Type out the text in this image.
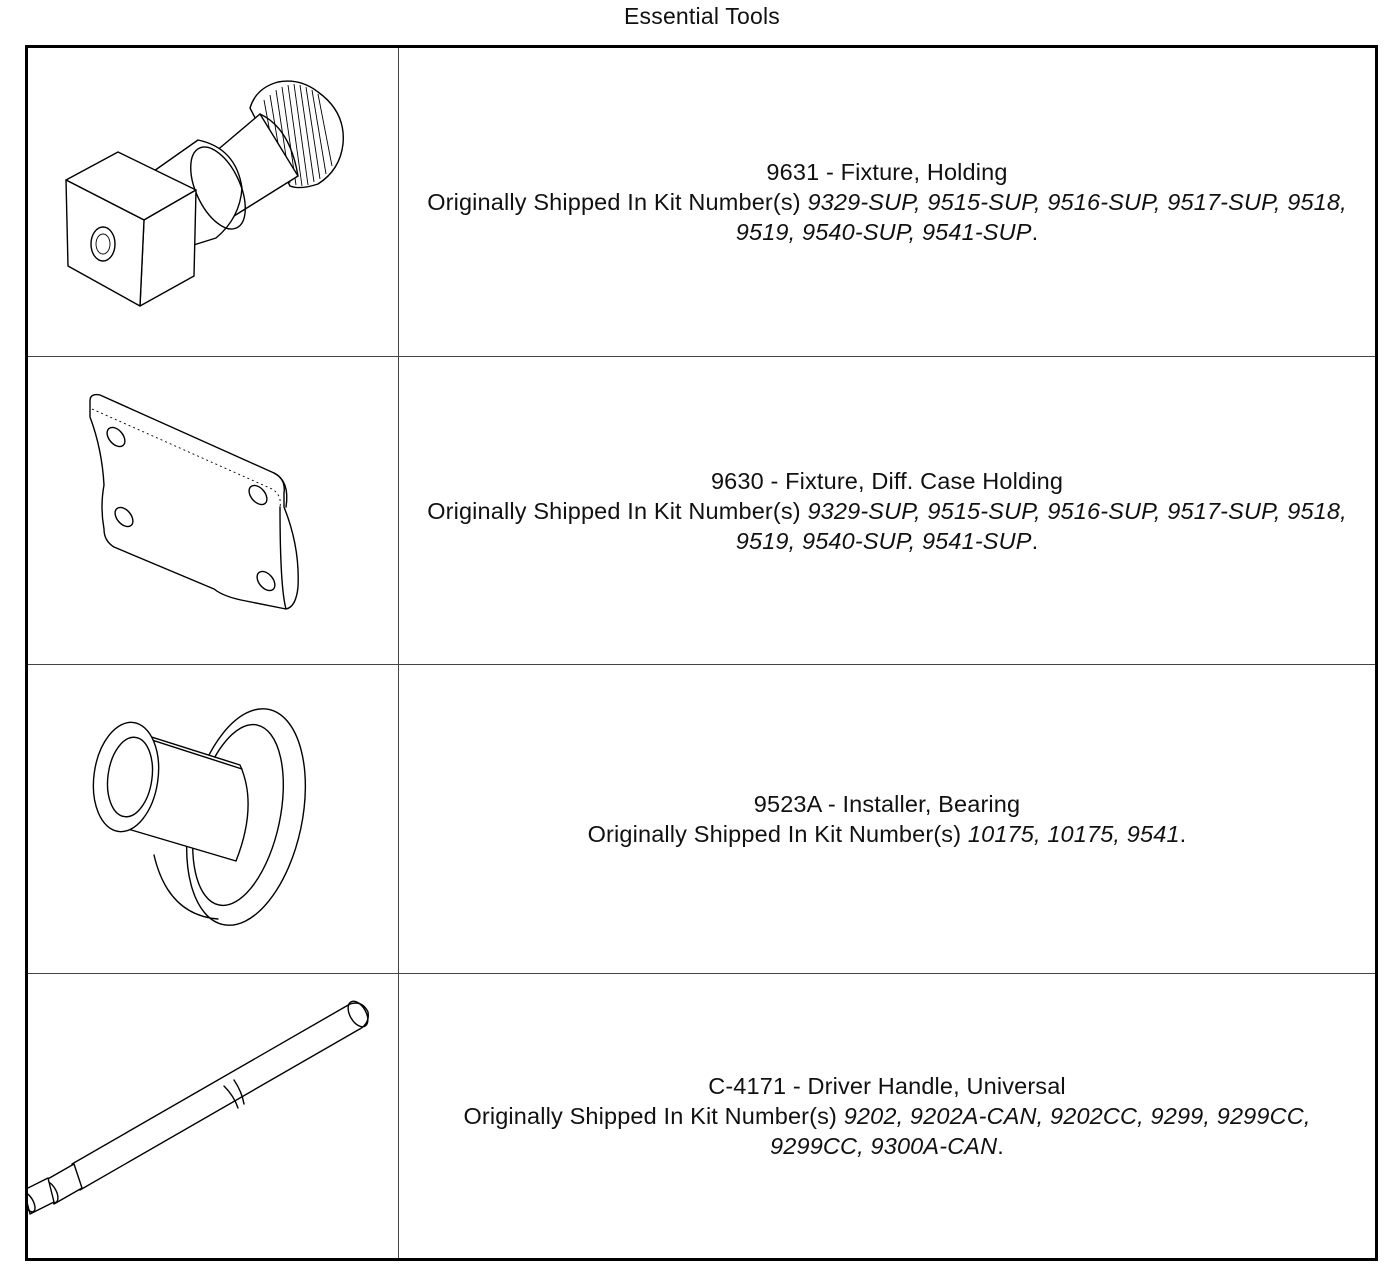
Essential Tools
9631 - Fixture, Holding
Originally Shipped In Kit Number(s) 9329-SUP, 9515-SUP, 9516-SUP, 9517-SUP, 9518, 9519, 9540-SUP, 9541-SUP.
9630 - Fixture, Diff. Case Holding
Originally Shipped In Kit Number(s) 9329-SUP, 9515-SUP, 9516-SUP, 9517-SUP, 9518, 9519, 9540-SUP, 9541-SUP.
9523A - Installer, Bearing
Originally Shipped In Kit Number(s) 10175, 10175, 9541.
C-4171 - Driver Handle, Universal
Originally Shipped In Kit Number(s) 9202, 9202A-CAN, 9202CC, 9299, 9299CC, 9299CC, 9300A-CAN.
